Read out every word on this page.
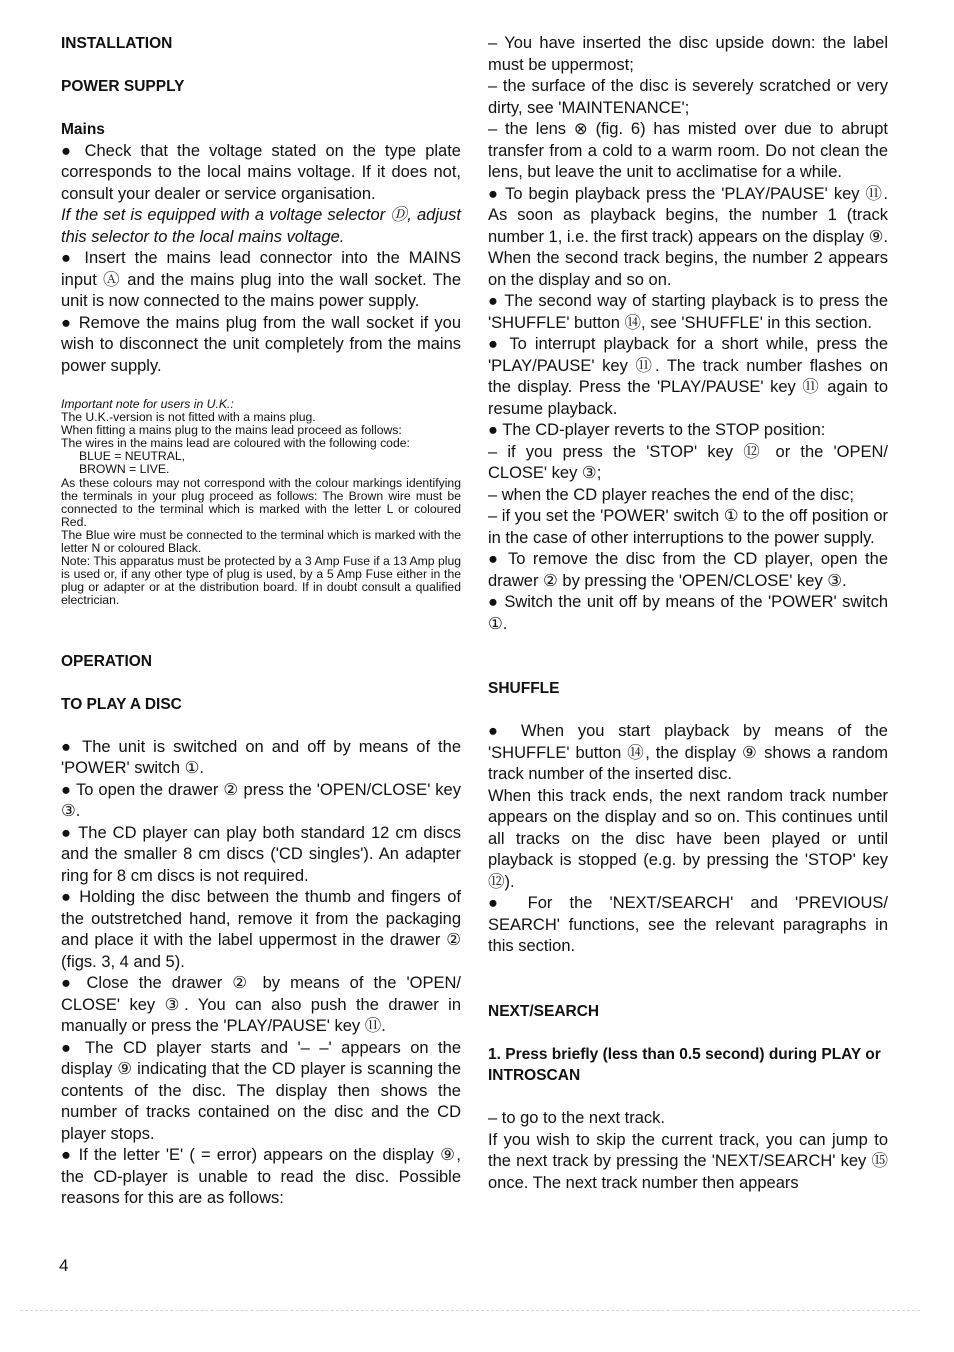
INSTALLATION
POWER SUPPLY
Mains

● Check that the voltage stated on the type plate corresponds to the local mains voltage. If it does not, consult your dealer or service organisation.

If the set is equipped with a voltage selector Ⓓ, adjust this selector to the local mains voltage.

● Insert the mains lead connector into the MAINS input Ⓐ and the mains plug into the wall socket. The unit is now connected to the mains power supply.

● Remove the mains plug from the wall socket if you wish to disconnect the unit completely from the mains power supply.

Important note for users in U.K.:
The U.K.-version is not fitted with a mains plug.
When fitting a mains plug to the mains lead proceed as follows:
The wires in the mains lead are coloured with the following code:
BLUE = NEUTRAL,
BROWN = LIVE.
As these colours may not correspond with the colour markings identifying the terminals in your plug proceed as follows: The Brown wire must be connected to the terminal which is marked with the letter L or coloured Red.
The Blue wire must be connected to the terminal which is marked with the letter N or coloured Black.
Note: This apparatus must be protected by a 3 Amp Fuse if a 13 Amp plug is used or, if any other type of plug is used, by a 5 Amp Fuse either in the plug or adapter or at the distribution board. If in doubt consult a qualified electrician.
OPERATION
TO PLAY A DISC

● The unit is switched on and off by means of the 'POWER' switch ①.

● To open the drawer ② press the 'OPEN/CLOSE' key ③.

● The CD player can play both standard 12 cm discs and the smaller 8 cm discs ('CD singles'). An adapter ring for 8 cm discs is not required.

● Holding the disc between the thumb and fingers of the outstretched hand, remove it from the packaging and place it with the label uppermost in the drawer ② (figs. 3, 4 and 5).

● Close the drawer ② by means of the 'OPEN/ CLOSE' key ③. You can also push the drawer in manually or press the 'PLAY/PAUSE' key ⑪.

● The CD player starts and '– –' appears on the display ⑨ indicating that the CD player is scanning the contents of the disc. The display then shows the number of tracks contained on the disc and the CD player stops.

● If the letter 'E' ( = error) appears on the display ⑨, the CD-player is unable to read the disc. Possible reasons for this are as follows:

– You have inserted the disc upside down: the label must be uppermost;

– the surface of the disc is severely scratched or very dirty, see 'MAINTENANCE';

– the lens ⊗ (fig. 6) has misted over due to abrupt transfer from a cold to a warm room. Do not clean the lens, but leave the unit to acclimatise for a while.

● To begin playback press the 'PLAY/PAUSE' key ⑪. As soon as playback begins, the number 1 (track number 1, i.e. the first track) appears on the display ⑨. When the second track begins, the number 2 appears on the display and so on.

● The second way of starting playback is to press the 'SHUFFLE' button ⑭, see 'SHUFFLE' in this section.

● To interrupt playback for a short while, press the 'PLAY/PAUSE' key ⑪. The track number flashes on the display. Press the 'PLAY/PAUSE' key ⑪ again to resume playback.

● The CD-player reverts to the STOP position:

– if you press the 'STOP' key ⑫ or the 'OPEN/ CLOSE' key ③;

– when the CD player reaches the end of the disc;

– if you set the 'POWER' switch ① to the off position or in the case of other interruptions to the power supply.

● To remove the disc from the CD player, open the drawer ② by pressing the 'OPEN/CLOSE' key ③.

● Switch the unit off by means of the 'POWER' switch ①.

SHUFFLE

● When you start playback by means of the 'SHUFFLE' button ⑭, the display ⑨ shows a random track number of the inserted disc.

When this track ends, the next random track number appears on the display and so on. This continues until all tracks on the disc have been played or until playback is stopped (e.g. by pressing the 'STOP' key ⑫).

● For the 'NEXT/SEARCH' and 'PREVIOUS/ SEARCH' functions, see the relevant paragraphs in this section.

NEXT/SEARCH
1. Press briefly (less than 0.5 second) during PLAY or INTROSCAN

– to go to the next track.

If you wish to skip the current track, you can jump to the next track by pressing the 'NEXT/SEARCH' key ⑮ once. The next track number then appears

4
